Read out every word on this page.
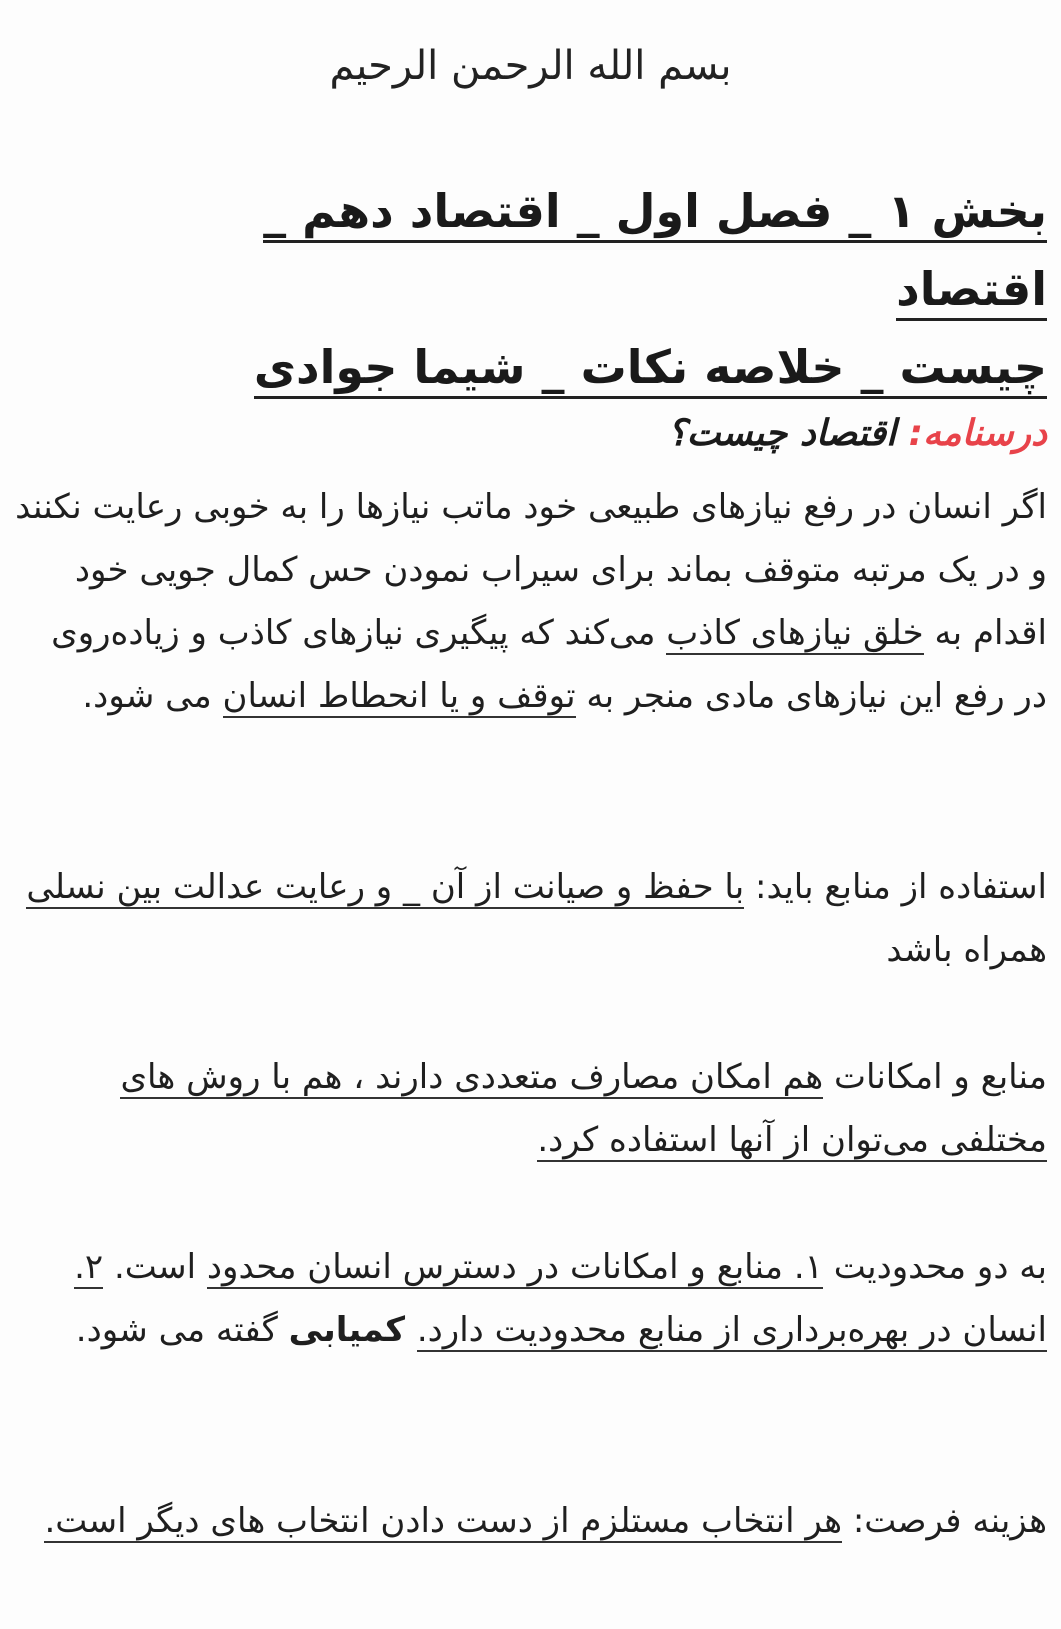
بسم الله الرحمن الرحیم
بخش ۱ _ فصل اول _ اقتصاد دهم _ اقتصاد
چیست _ خلاصه نکات _ شیما جوادی
درسنامه: اقتصاد چیست؟
اگر انسان در رفع نیازهای طبیعی خود ماتب نیازها را به خوبی رعایت نکنند و در یک مرتبه متوقف بماند برای سیراب نمودن حس کمال جویی خود اقدام به خلق نیازهای کاذب می‌کند که پیگیری نیازهای کاذب و زیاده‌روی در رفع این نیازهای مادی منجر به توقف و یا انحطاط انسان می شود.
استفاده از منابع باید: با حفظ و صیانت از آن _ و رعایت عدالت بین نسلی همراه باشد
منابع و امکانات هم امکان مصارف متعددی دارند ، هم با روش های مختلفی می‌توان از آنها استفاده کرد.
به دو محدودیت ۱. منابع و امکانات در دسترس انسان محدود است. ۲. انسان در بهره‌برداری از منابع محدودیت دارد. کمیابی گفته می شود.
هزینه فرصت: هر انتخاب مستلزم از دست دادن انتخاب های دیگر است.
